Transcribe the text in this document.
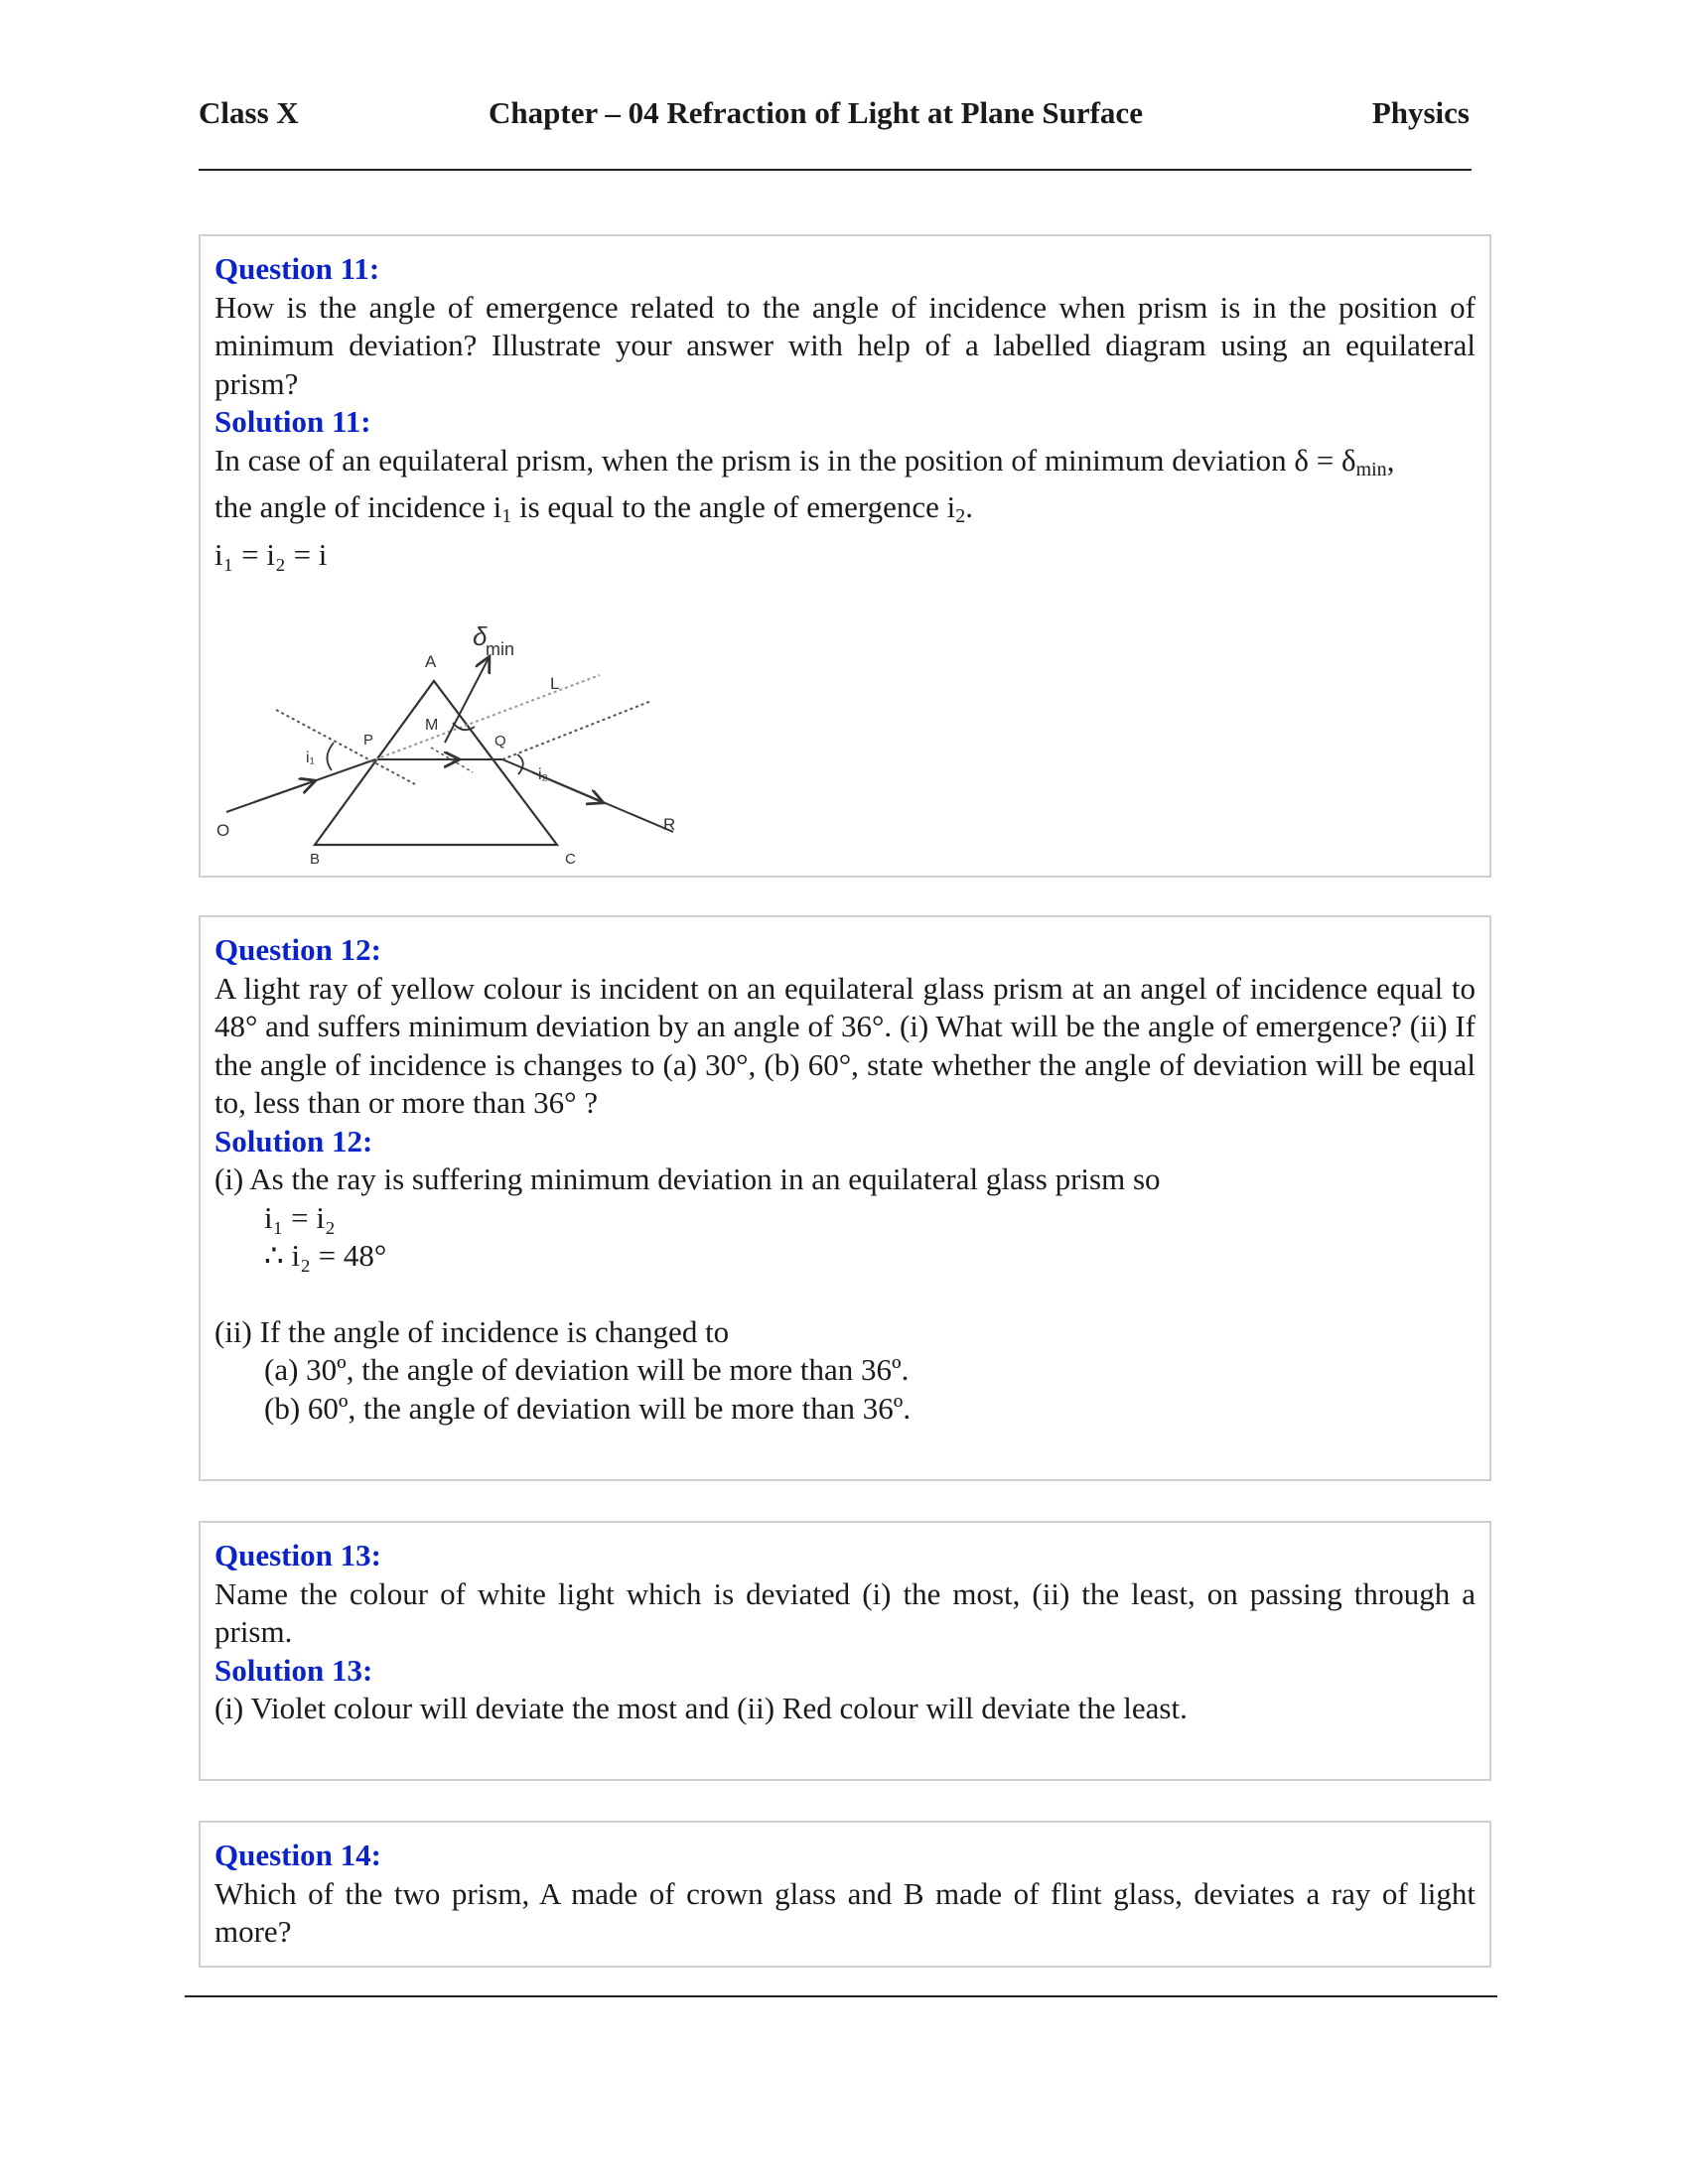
Class X	Chapter – 04 Refraction of Light at Plane Surface	Physics

Question 11:

How is the angle of emergence related to the angle of incidence when prism is in the position of minimum deviation? Illustrate your answer with help of a labelled diagram using an equilateral prism?

Solution 11:

In case of an equilateral prism, when the prism is in the position of minimum deviation $\delta = \delta_{min}$,

the angle of incidence $i_1$ is equal to the angle of emergence $i_2$.

i₁ = i₂ = i

A
δ
min
L
M
P	Q
i₁
i₂
O
B	C
R

Question 12:

A light ray of yellow colour is incident on an equilateral glass prism at an angel of incidence equal to 48° and suffers minimum deviation by an angle of 36°. (i) What will be the angle of emergence? (ii) If the angle of incidence is changes to (a) 30°, (b) 60°, state whether the angle of deviation will be equal to, less than or more than 36° ?

Solution 12:

(i) As the ray is suffering minimum deviation in an equilateral glass prism so

i₁ = i₂

∴ i₂ = 48°

(ii) If the angle of incidence is changed to

(a) 30º, the angle of deviation will be more than 36º.

(b) 60º, the angle of deviation will be more than 36º.

Question 13:

Name the colour of white light which is deviated (i) the most, (ii) the least, on passing through a prism.

Solution 13:

(i) Violet colour will deviate the most and (ii) Red colour will deviate the least.

Question 14:

Which of the two prism, A made of crown glass and B made of flint glass, deviates a ray of light more?
